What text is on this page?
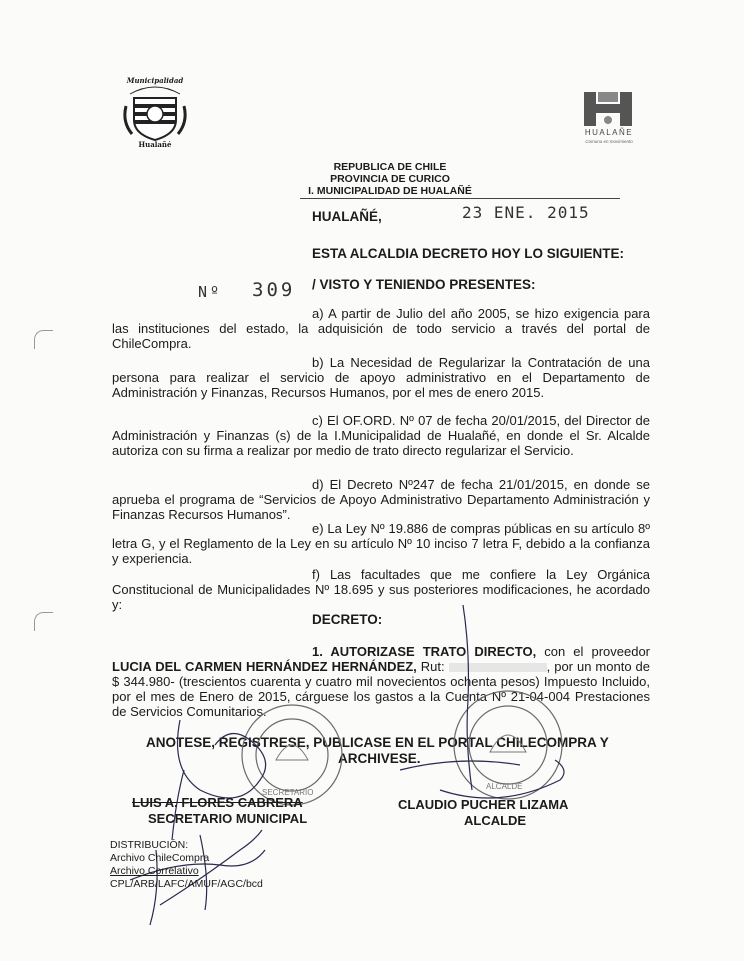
Municipalidad
Hualañé
HUALAÑE
Comuna en movimiento
REPUBLICA DE CHILE
PROVINCIA DE CURICO
I. MUNICIPALIDAD DE HUALAÑÉ
HUALAÑÉ,	23 ENE. 2015
ESTA ALCALDIA DECRETO HOY LO SIGUIENTE:
Nº 309 / VISTO Y TENIENDO PRESENTES:
a) A partir de Julio del año 2005, se hizo exigencia para las instituciones del estado, la adquisición de todo servicio a través del portal de ChileCompra.
b) La Necesidad de Regularizar la Contratación de una persona para realizar el servicio de apoyo administrativo en el Departamento de Administración y Finanzas, Recursos Humanos, por el mes de enero 2015.
c) El OF.ORD. Nº 07 de fecha 20/01/2015, del Director de Administración y Finanzas (s) de la I.Municipalidad de Hualañé, en donde el Sr. Alcalde autoriza con su firma a realizar por medio de trato directo regularizar el Servicio.
d) El Decreto Nº247 de fecha 21/01/2015, en donde se aprueba el programa de “Servicios de Apoyo Administrativo Departamento Administración y Finanzas Recursos Humanos”.
e) La Ley Nº 19.886 de compras públicas en su artículo 8º letra G, y el Reglamento de la Ley en su artículo Nº 10 inciso 7 letra F, debido a la confianza y experiencia.
f) Las facultades que me confiere la Ley Orgánica Constitucional de Municipalidades Nº 18.695 y sus posteriores modificaciones, he acordado y:
DECRETO:
1. AUTORIZASE TRATO DIRECTO, con el proveedor LUCIA DEL CARMEN HERNÁNDEZ HERNÁNDEZ, Rut:	, por un monto de $ 344.980- (trescientos cuarenta y cuatro mil novecientos ochenta pesos) Impuesto Incluido, por el mes de Enero de 2015, cárguese los gastos a la Cuenta Nº 21-04-004 Prestaciones de Servicios Comunitarios.
ANOTESE, REGISTRESE, PUBLICASE EN EL PORTAL CHILECOMPRA Y
ARCHIVESE.
SECRETARIO
ALCALDE
LUIS A. FLORES CABRERA
SECRETARIO MUNICIPAL
CLAUDIO PUCHER LIZAMA
ALCALDE
DISTRIBUCIÓN:
Archivo ChileCompra
Archivo Correlativo
CPL/ARB/LAFC/AMUF/AGC/bcd
